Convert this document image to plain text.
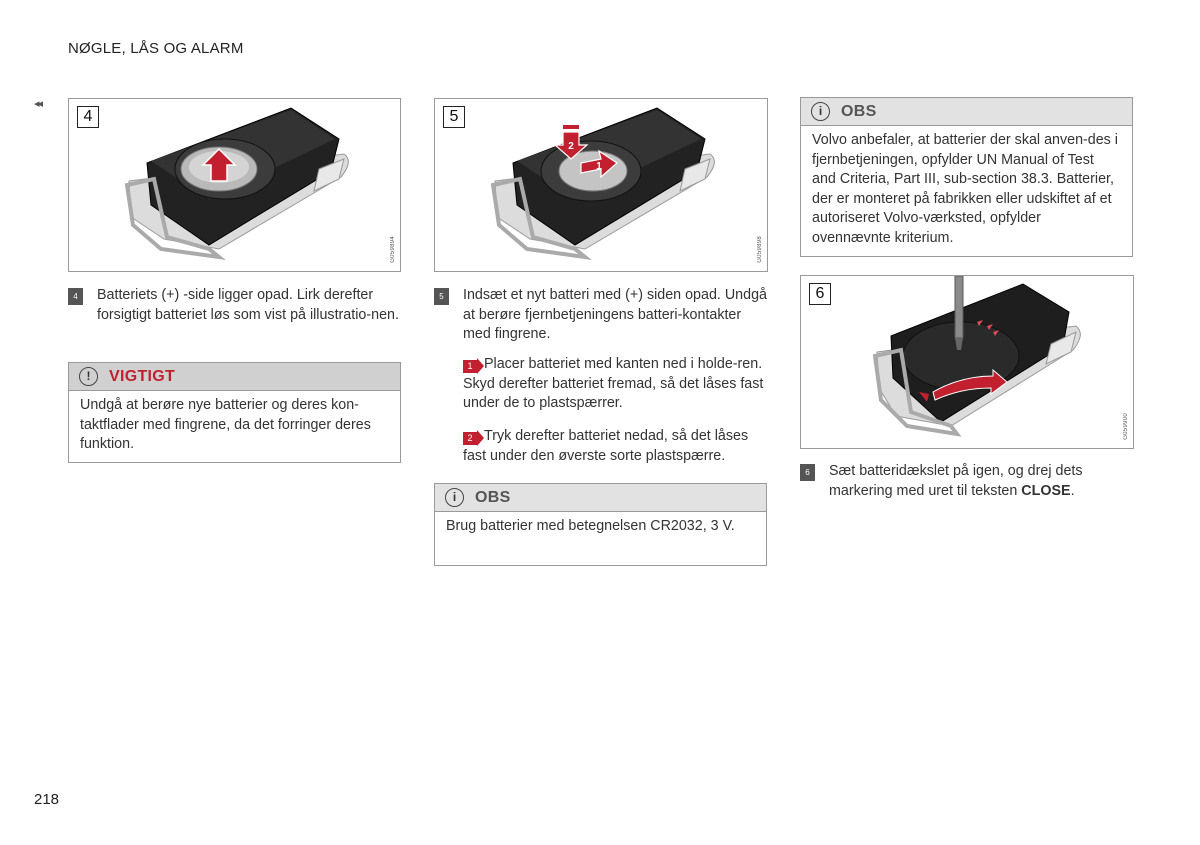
NØGLE, LÅS OG ALARM
◂◂
218
4
G059894
4	Batteriets (+) -side ligger opad. Lirk derefter forsigtigt batteriet løs som vist på illustratio-nen.
!	VIGTIGT
Undgå at berøre nye batterier og deres kon-taktflader med fingrene, da det forringer deres funktion.
2
1
5
G059898
5	Indsæt et nyt batteri med (+) siden opad. Undgå at berøre fjernbetjeningens batteri-kontakter med fingrene.
1 Placer batteriet med kanten ned i holde-ren. Skyd derefter batteriet fremad, så det låses fast under de to plastspærrer.
2 Tryk derefter batteriet nedad, så det låses fast under den øverste sorte plastspærre.
i	OBS
Brug batterier med betegnelsen CR2032, 3 V.
i	OBS
Volvo anbefaler, at batterier der skal anven-des i fjernbetjeningen, opfylder UN Manual of Test and Criteria, Part III, sub-section 38.3. Batterier, der er monteret på fabrikken eller udskiftet af et autoriseret Volvo-værksted, opfylder ovennævnte kriterium.
6
G059900
6	Sæt batteridækslet på igen, og drej dets markering med uret til teksten CLOSE.
